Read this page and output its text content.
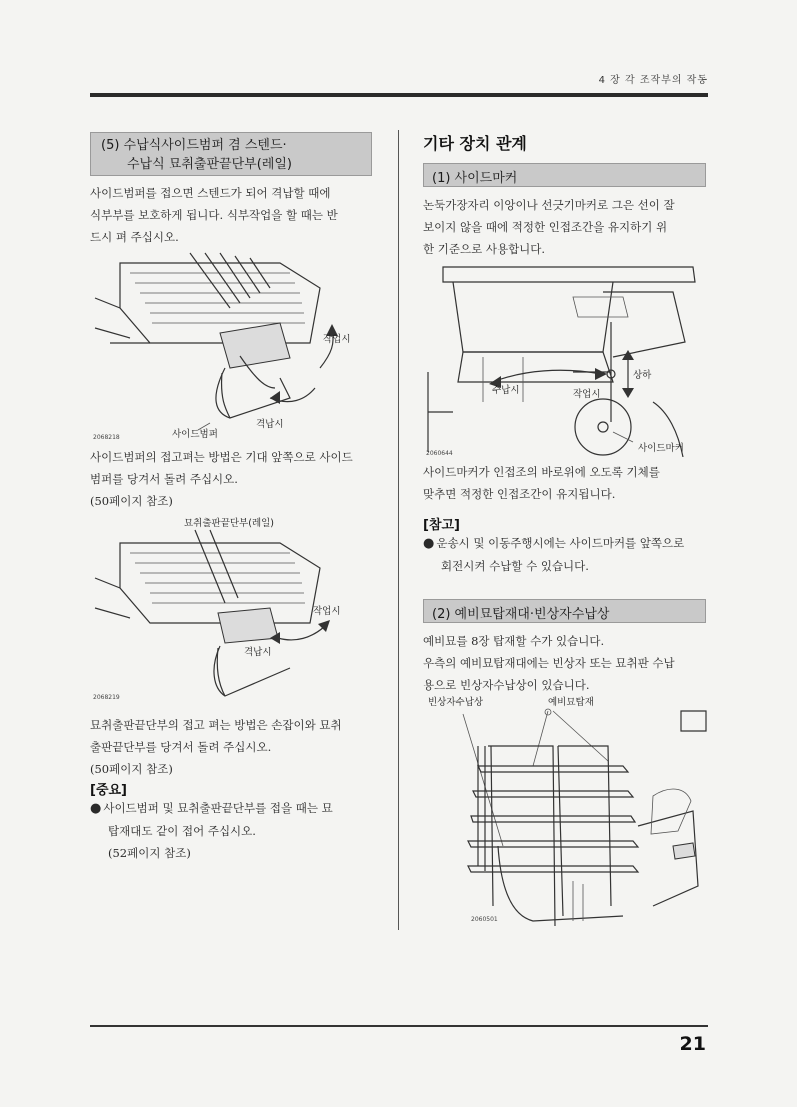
4 장 각 조작부의 작동
(5) 수납식사이드범퍼 겸 스텐드·
수납식 묘취출판끝단부(레일)

사이드범퍼를 접으면 스텐드가 되어 격납할 때에

식부부를 보호하게 됩니다. 식부작업을 할 때는 반

드시 펴 주십시오.

작업시
격납시
사이드범퍼
2068218

사이드범퍼의 접고펴는 방법은 기대 앞쪽으로 사이드

범퍼를 당겨서 돌려 주십시오.

(50페이지 참조)

묘취출판끝단부(레일)
작업시
격납시
2068219

묘취출판끝단부의 접고 펴는 방법은 손잡이와 묘취

출판끝단부를 당겨서 돌려 주십시오.

(50페이지 참조)

[중요]
● 사이드범퍼 및 묘취출판끝단부를 접을 때는 묘
탑재대도 같이 접어 주십시오.
(52페이지 참조)
기타 장치 관계
(1) 사이드마커

논둑가장자리 이앙이나 선긋기마커로 그은 선이 잘

보이지 않을 때에 적정한 인접조간을 유지하기 위

한 기준으로 사용합니다.

수납시	작업시
상하
사이드마커
2060644

사이드마커가 인접조의 바로위에 오도록 기체를

맞추면 적정한 인접조간이 유지됩니다.

[참고]
● 운송시 및 이동주행시에는 사이드마커를 앞쪽으로
회전시켜 수납할 수 있습니다.
(2) 예비묘탑재대·빈상자수납상

예비묘를 8장 탑재할 수가 있습니다.

우측의 예비묘탑재대에는 빈상자 또는 묘취판 수납

용으로 빈상자수납상이 있습니다.

빈상자수납상	예비묘탑재
2060501
21
